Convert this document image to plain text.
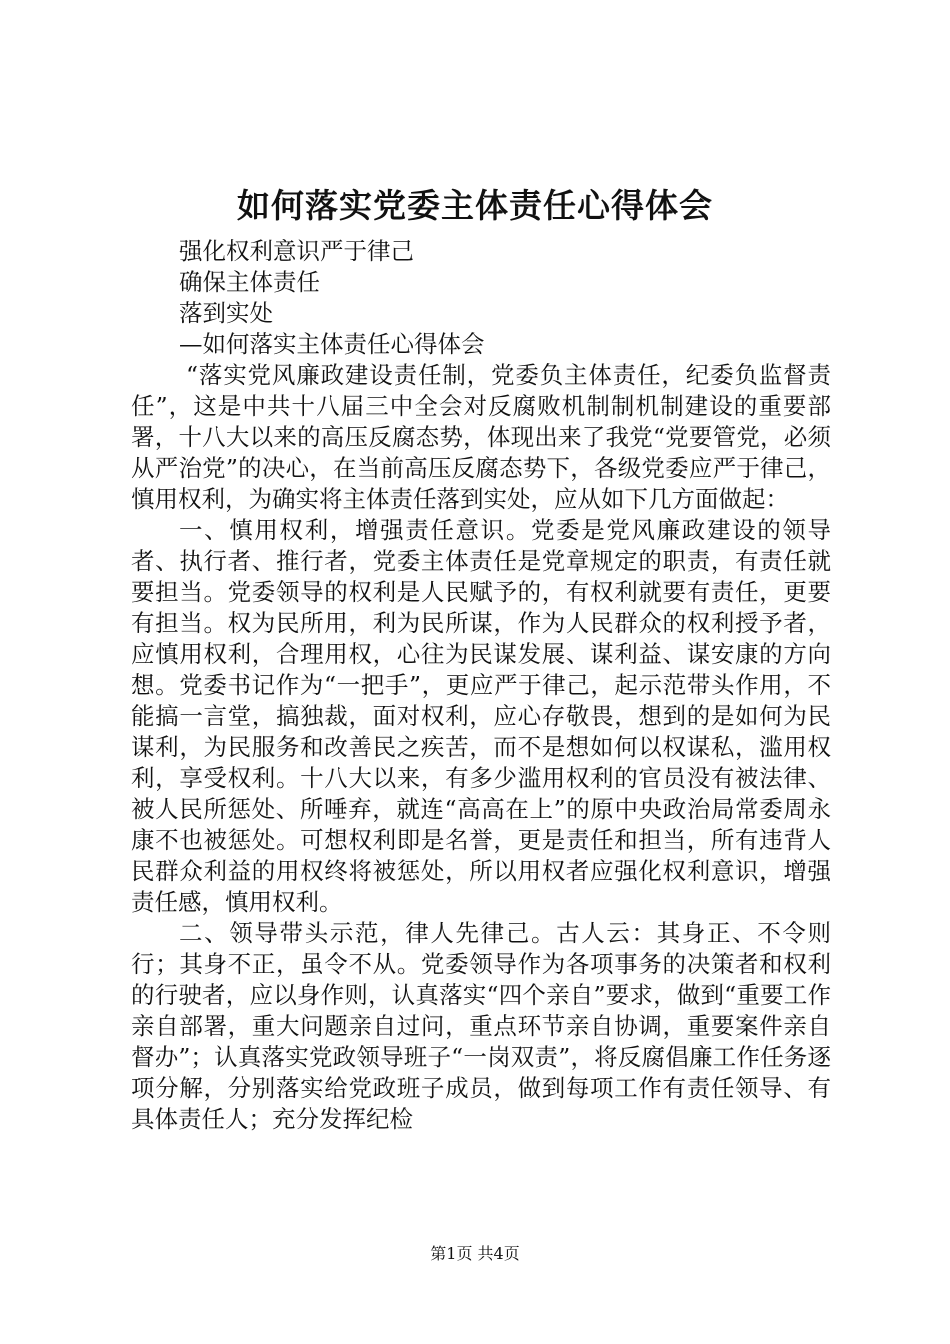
如何落实党委主体责任心得体会

强化权利意识严于律己

确保主体责任

落到实处

—如何落实主体责任心得体会

“落实党风廉政建设责任制，党委负主体责任，纪委负监督责任”，这是中共十八届三中全会对反腐败机制制机制建设的重要部署，十八大以来的高压反腐态势，体现出来了我党“党要管党，必须从严治党”的决心，在当前高压反腐态势下，各级党委应严于律己，慎用权利，为确实将主体责任落到实处，应从如下几方面做起：

一、慎用权利，增强责任意识。党委是党风廉政建设的领导者、执行者、推行者，党委主体责任是党章规定的职责，有责任就要担当。党委领导的权利是人民赋予的，有权利就要有责任，更要有担当。权为民所用，利为民所谋，作为人民群众的权利授予者，应慎用权利，合理用权，心往为民谋发展、谋利益、谋安康的方向想。党委书记作为“一把手”，更应严于律己，起示范带头作用，不能搞一言堂，搞独裁，面对权利，应心存敬畏，想到的是如何为民谋利，为民服务和改善民之疾苦，而不是想如何以权谋私，滥用权利，享受权利。十八大以来，有多少滥用权利的官员没有被法律、被人民所惩处、所唾弃，就连“高高在上”的原中央政治局常委周永康不也被惩处。可想权利即是名誉，更是责任和担当，所有违背人民群众利益的用权终将被惩处，所以用权者应强化权利意识，增强责任感，慎用权利。

二、领导带头示范，律人先律己。古人云：其身正、不令则行；其身不正，虽令不从。党委领导作为各项事务的决策者和权利的行驶者，应以身作则，认真落实“四个亲自”要求，做到“重要工作亲自部署，重大问题亲自过问，重点环节亲自协调，重要案件亲自督办”；认真落实党政领导班子“一岗双责”，将反腐倡廉工作任务逐项分解，分别落实给党政班子成员，做到每项工作有责任领导、有具体责任人；充分发挥纪检

第1页 共4页
